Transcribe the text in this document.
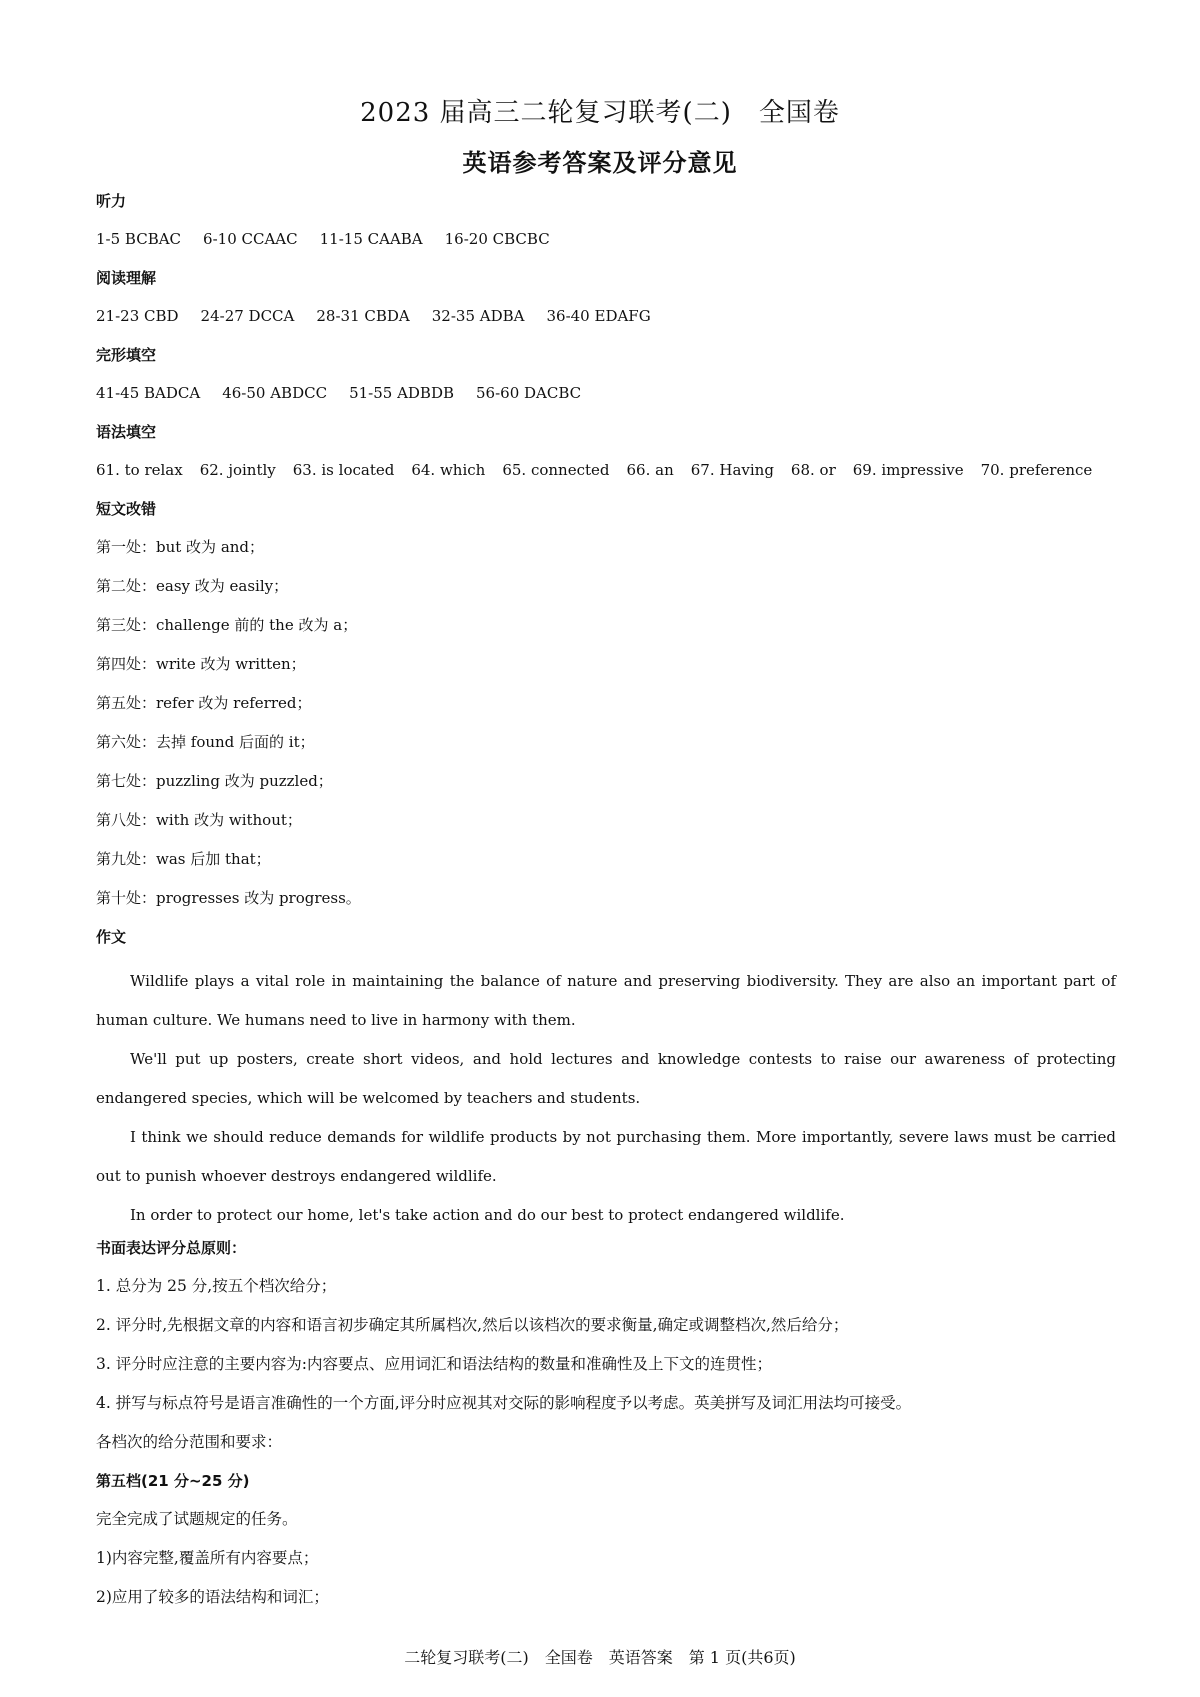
2023 届高三二轮复习联考(二)　全国卷
英语参考答案及评分意见
听力
1-5 BCBAC 6-10 CCAAC 11-15 CAABA 16-20 CBCBC
阅读理解
21-23 CBD 24-27 DCCA 28-31 CBDA 32-35 ADBA 36-40 EDAFG
完形填空
41-45 BADCA 46-50 ABDCC 51-55 ADBDB 56-60 DACBC
语法填空
61. to relax 62. jointly 63. is located 64. which 65. connected 66. an 67. Having 68. or 69. impressive 70. preference
短文改错
第一处：but 改为 and；
第二处：easy 改为 easily；
第三处：challenge 前的 the 改为 a；
第四处：write 改为 written；
第五处：refer 改为 referred；
第六处：去掉 found 后面的 it；
第七处：puzzling 改为 puzzled；
第八处：with 改为 without；
第九处：was 后加 that；
第十处：progresses 改为 progress。
作文

Wildlife plays a vital role in maintaining the balance of nature and preserving biodiversity. They are also an important part of human culture. We humans need to live in harmony with them.

We'll put up posters, create short videos, and hold lectures and knowledge contests to raise our awareness of protecting endangered species, which will be welcomed by teachers and students.

I think we should reduce demands for wildlife products by not purchasing them. More importantly, severe laws must be carried out to punish whoever destroys endangered wildlife.

In order to protect our home, let's take action and do our best to protect endangered wildlife.

书面表达评分总原则：
1. 总分为 25 分,按五个档次给分；
2. 评分时,先根据文章的内容和语言初步确定其所属档次,然后以该档次的要求衡量,确定或调整档次,然后给分；
3. 评分时应注意的主要内容为:内容要点、应用词汇和语法结构的数量和准确性及上下文的连贯性；
4. 拼写与标点符号是语言准确性的一个方面,评分时应视其对交际的影响程度予以考虑。英美拼写及词汇用法均可接受。
各档次的给分范围和要求：
第五档(21 分~25 分)
完全完成了试题规定的任务。
1)内容完整,覆盖所有内容要点；
2)应用了较多的语法结构和词汇；
二轮复习联考(二)　全国卷　英语答案　第 1 页(共6页)
